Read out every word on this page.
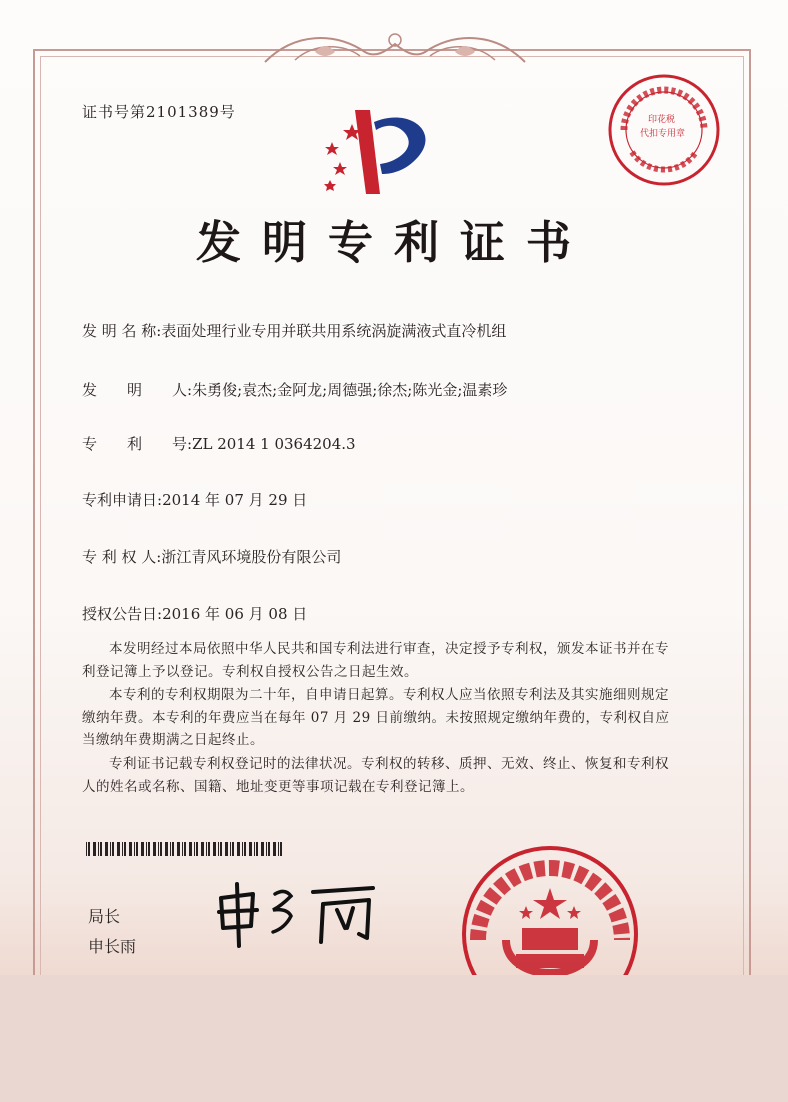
证书号第2101389号
发明专利证书
发 明 名 称:表面处理行业专用并联共用系统涡旋满液式直冷机组
发　　明　　人:朱勇俊;袁杰;金阿龙;周德强;徐杰;陈光金;温素珍
专　　利　　号:ZL 2014 1 0364204.3
专利申请日:2014 年 07 月 29 日
专 利 权 人:浙江青风环境股份有限公司
授权公告日:2016 年 06 月 08 日
本发明经过本局依照中华人民共和国专利法进行审查，决定授予专利权，颁发本证书并在专利登记簿上予以登记。专利权自授权公告之日起生效。
本专利的专利权期限为二十年，自申请日起算。专利权人应当依照专利法及其实施细则规定缴纳年费。本专利的年费应当在每年 07 月 29 日前缴纳。未按照规定缴纳年费的，专利权自应当缴纳年费期满之日起终止。
专利证书记载专利权登记时的法律状况。专利权的转移、质押、无效、终止、恢复和专利权人的姓名或名称、国籍、地址变更等事项记载在专利登记簿上。
局长
申长雨
印花税
代扣专用章
